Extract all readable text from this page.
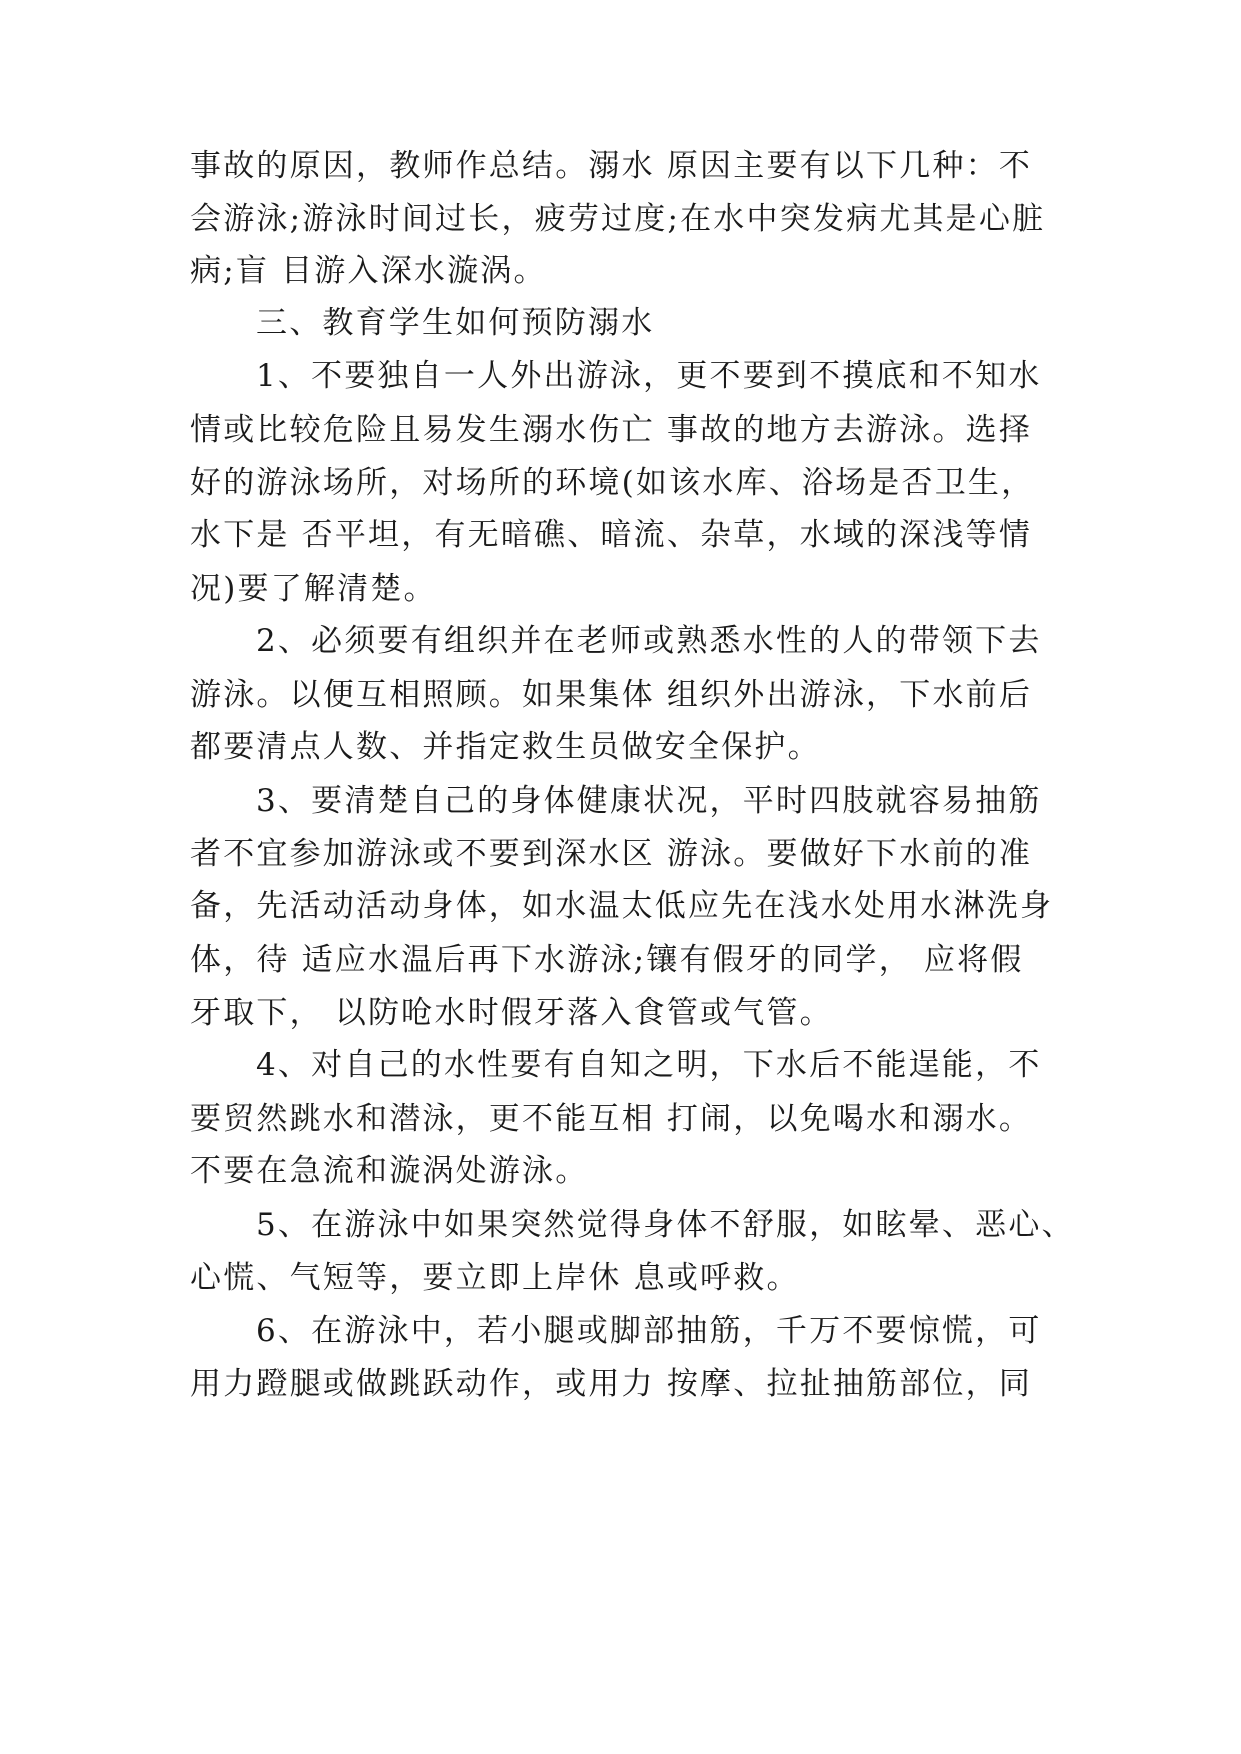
事故的原因，教师作总结。溺水 原因主要有以下几种：不
会游泳;游泳时间过长，疲劳过度;在水中突发病尤其是心脏
病;盲 目游入深水漩涡。
三、教育学生如何预防溺水
1、不要独自一人外出游泳，更不要到不摸底和不知水
情或比较危险且易发生溺水伤亡 事故的地方去游泳。选择
好的游泳场所，对场所的环境(如该水库、浴场是否卫生，
水下是 否平坦，有无暗礁、暗流、杂草，水域的深浅等情
况)要了解清楚。
2、必须要有组织并在老师或熟悉水性的人的带领下去
游泳。以便互相照顾。如果集体 组织外出游泳，下水前后
都要清点人数、并指定救生员做安全保护。
3、要清楚自己的身体健康状况，平时四肢就容易抽筋
者不宜参加游泳或不要到深水区 游泳。要做好下水前的准
备，先活动活动身体，如水温太低应先在浅水处用水淋洗身
体，待 适应水温后再下水游泳;镶有假牙的同学， 应将假
牙取下， 以防呛水时假牙落入食管或气管。
4、对自己的水性要有自知之明，下水后不能逞能，不
要贸然跳水和潜泳，更不能互相 打闹，以免喝水和溺水。
不要在急流和漩涡处游泳。
5、在游泳中如果突然觉得身体不舒服，如眩晕、恶心、
心慌、气短等，要立即上岸休 息或呼救。
6、在游泳中，若小腿或脚部抽筋，千万不要惊慌，可
用力蹬腿或做跳跃动作，或用力 按摩、拉扯抽筋部位，同
